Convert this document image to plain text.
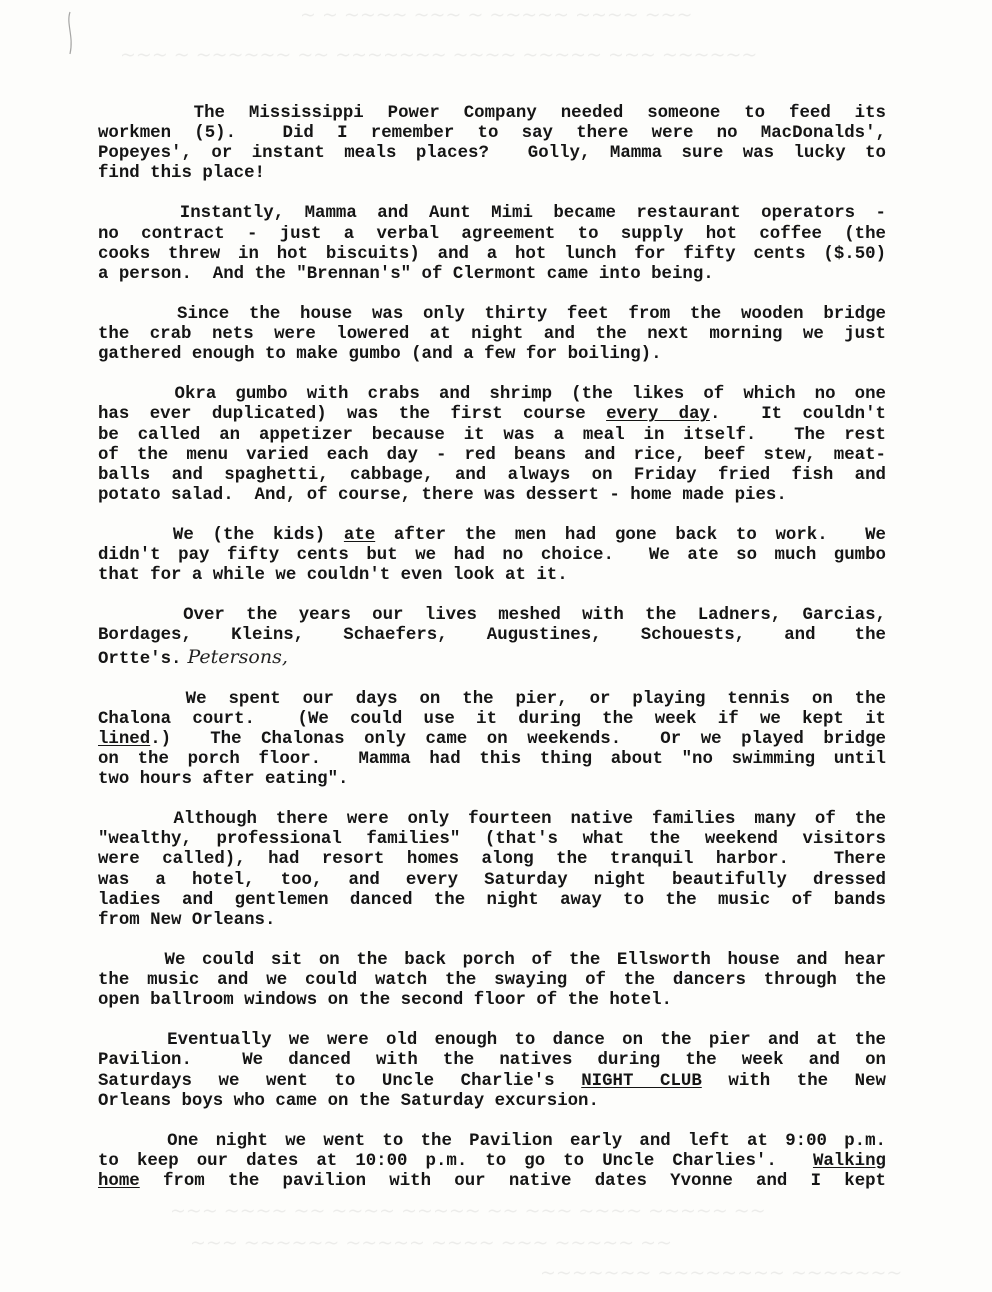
~ ~ ~~~~ ~~~ ~ ~~~~~ ~~~~ ~~~
~~~ ~ ~~~~~~ ~~ ~~~~~~~ ~~~~ ~~~~~ ~~~ ~~~~~~
~~~ ~~~~ ~~ ~~~~ ~~~~~ ~~ ~~~ ~~~~ ~~~~~ ~~
~~~ ~~~~~~ ~~~~~ ~~~~ ~~~ ~~~~~ ~~
~~~~~~~ ~~~~~~~~ ~~~~~~~
The Mississippi Power Company needed someone to feed its
workmen (5).  Did I remember to say there were no MacDonalds',
Popeyes', or instant meals places?  Golly, Mamma sure was lucky to
find this place!
Instantly, Mamma and Aunt Mimi became restaurant operators -
no contract - just a verbal agreement to supply hot coffee (the
cooks threw in hot biscuits) and a hot lunch for fifty cents ($.50)
a person.  And the "Brennan's" of Clermont came into being.
Since the house was only thirty feet from the wooden bridge
the crab nets were lowered at night and the next morning we just
gathered enough to make gumbo (and a few for boiling).
Okra gumbo with crabs and shrimp (the likes of which no one
has ever duplicated) was the first course every day.  It couldn't
be called an appetizer because it was a meal in itself.  The rest
of the menu varied each day - red beans and rice, beef stew, meat-
balls and spaghetti, cabbage, and always on Friday fried fish and
potato salad.  And, of course, there was dessert - home made pies.
We (the kids) ate after the men had gone back to work.  We
didn't pay fifty cents but we had no choice.  We ate so much gumbo
that for a while we couldn't even look at it.
Over the years our lives meshed with the Ladners, Garcias,
Bordages,  Kleins,  Schaefers,  Augustines,  Schouests,  and  the
Ortte's. Petersons,
We spent our days on the pier, or playing tennis on the
Chalona court.  (We could use it during the week if we kept it
lined.)  The Chalonas only came on weekends.  Or we played bridge
on the porch floor.  Mamma had this thing about "no swimming until
two hours after eating".
Although there were only fourteen native families many of the
"wealthy, professional families" (that's what the weekend visitors
were called), had resort homes along the tranquil harbor.  There
was a hotel, too, and every Saturday night beautifully dressed
ladies and gentlemen danced the night away to the music of bands
from New Orleans.
We could sit on the back porch of the Ellsworth house and hear
the music and we could watch the swaying of the dancers through the
open ballroom windows on the second floor of the hotel.
Eventually we were old enough to dance on the pier and at the
Pavilion.  We danced with the natives during the week and on
Saturdays we went to Uncle Charlie's NIGHT CLUB with the New
Orleans boys who came on the Saturday excursion.
One night we went to the Pavilion early and left at 9:00 p.m.
to keep our dates at 10:00 p.m. to go to Uncle Charlies'.  Walking
home from the pavilion with our native dates Yvonne and I kept
